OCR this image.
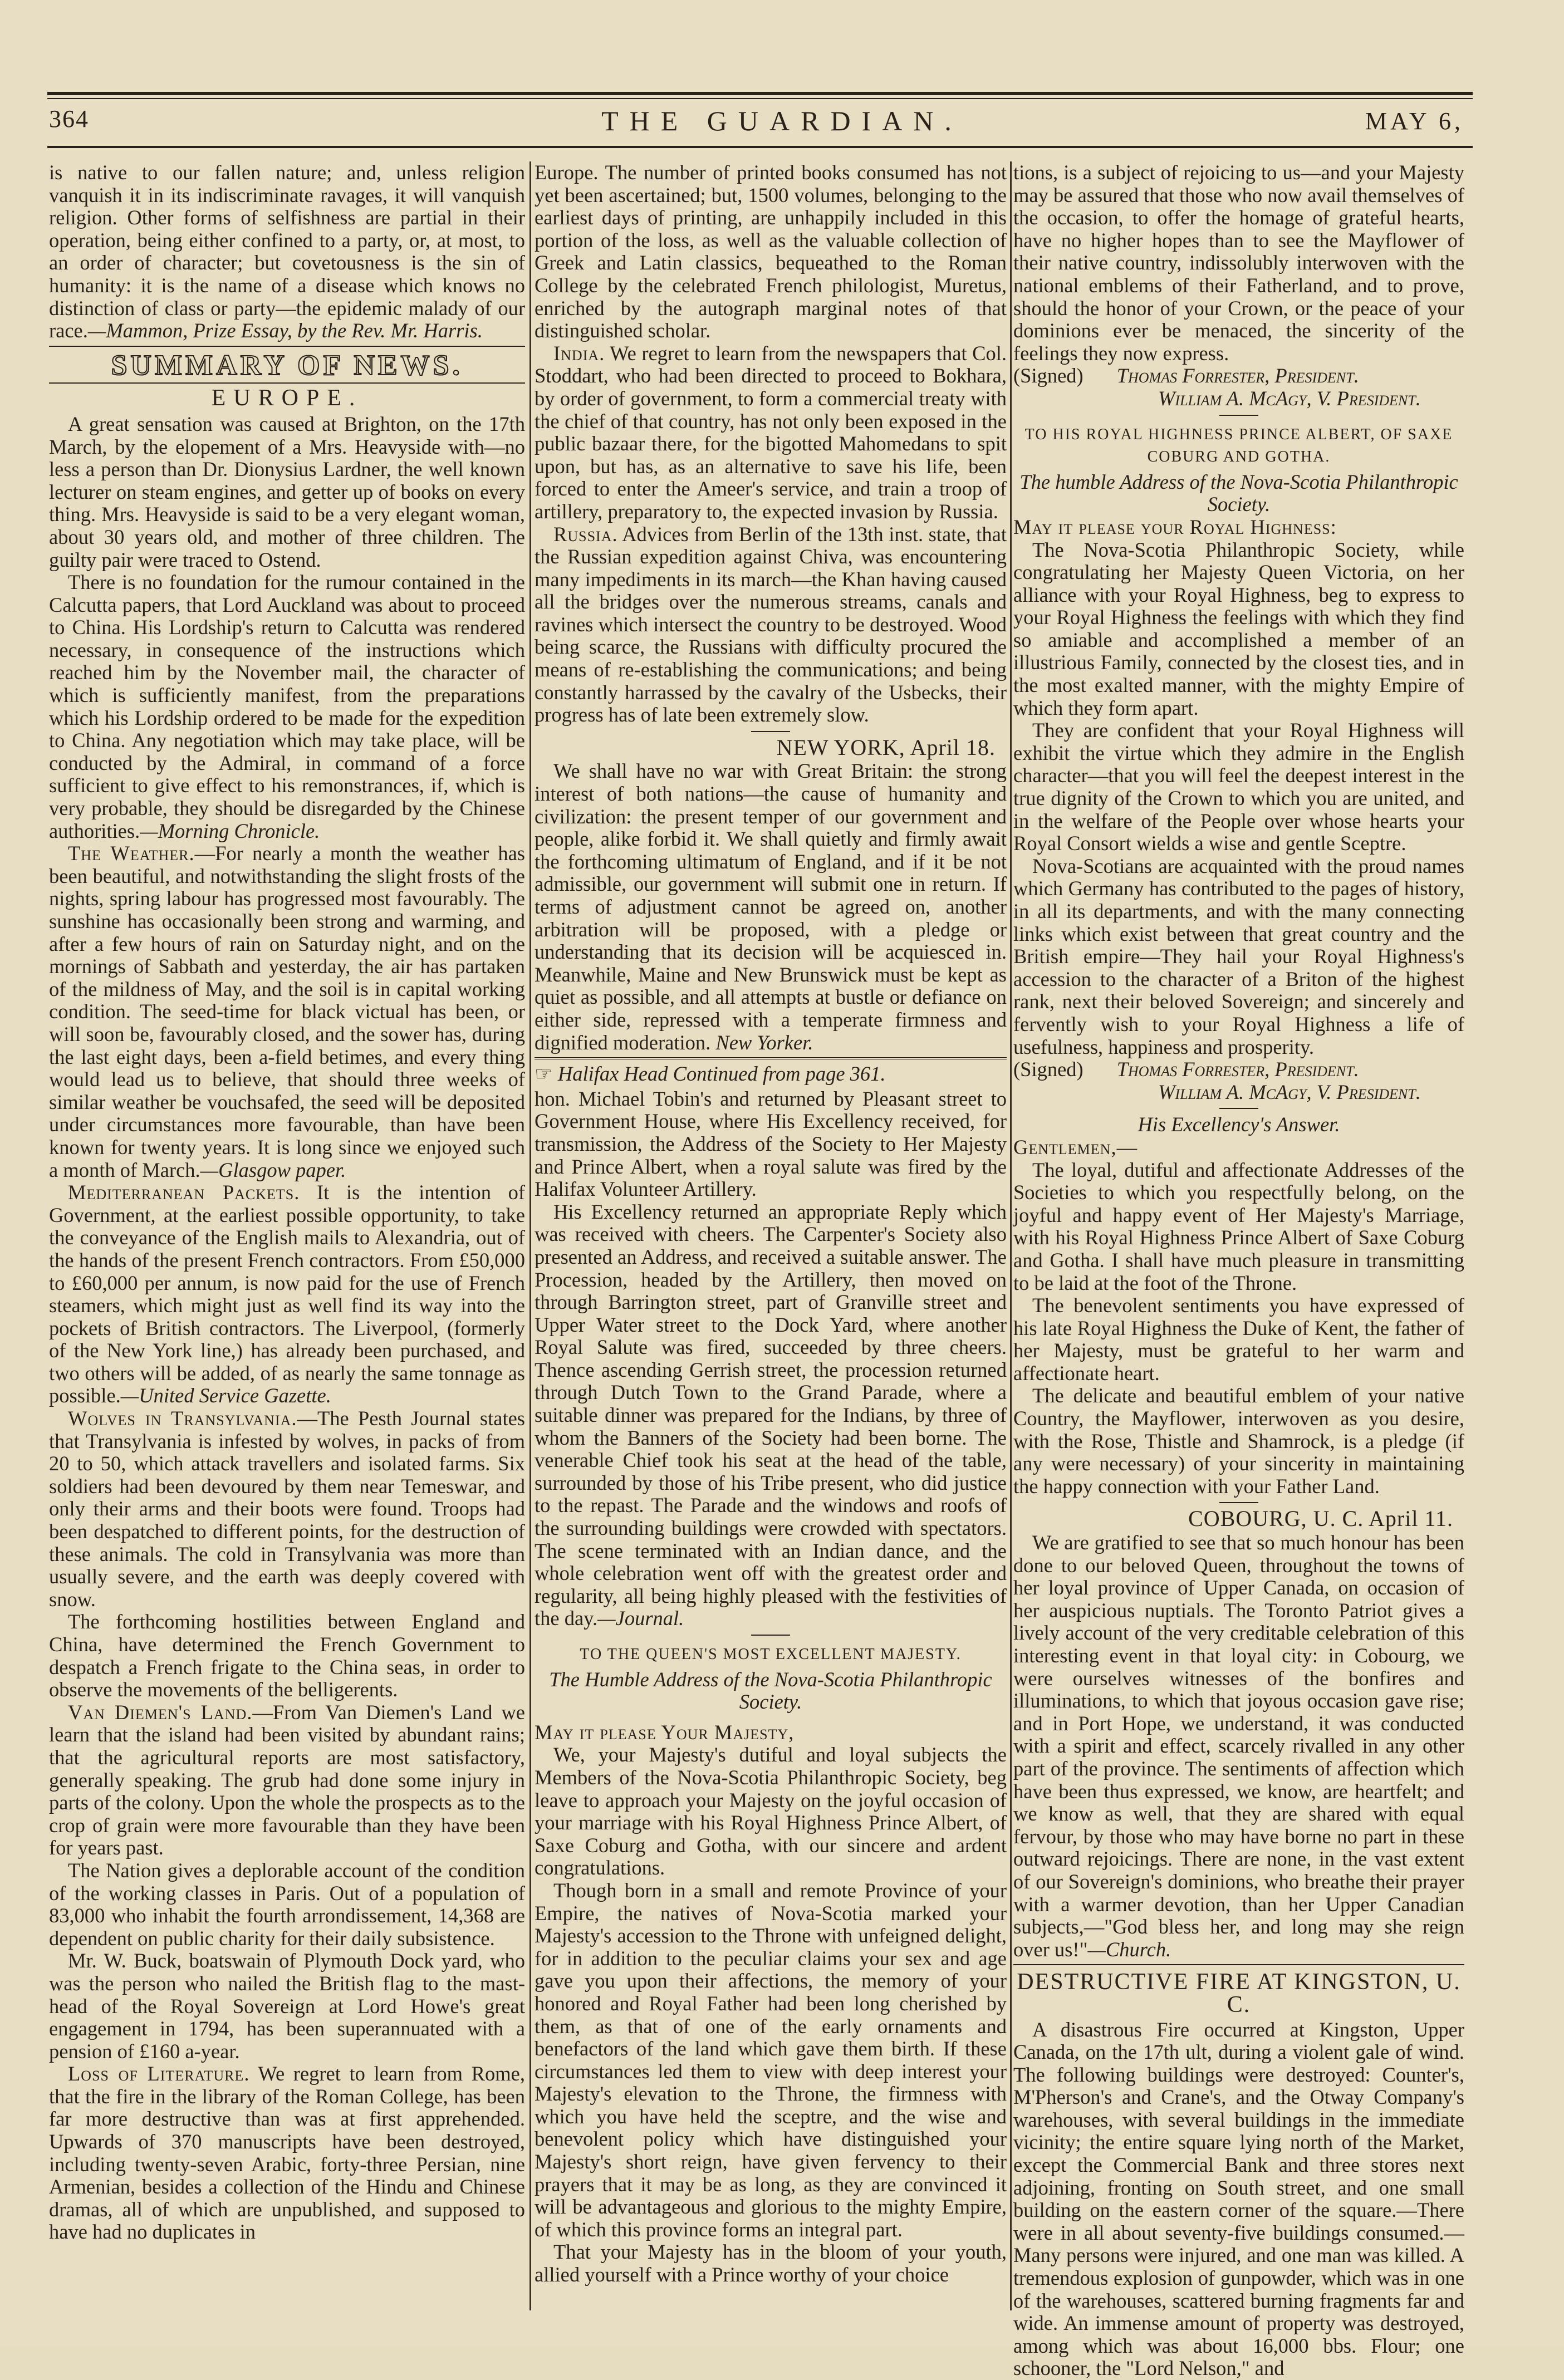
364	THE GUARDIAN.	MAY 6,

is native to our fallen nature; and, unless religion vanquish it in its indiscriminate ravages, it will vanquish religion. Other forms of selfishness are partial in their operation, being either confined to a party, or, at most, to an order of character; but covetousness is the sin of humanity: it is the name of a disease which knows no distinction of class or party—the epidemic malady of our race.—Mammon, Prize Essay, by the Rev. Mr. Harris.

SUMMARY OF NEWS.
EUROPE.

A great sensation was caused at Brighton, on the 17th March, by the elopement of a Mrs. Heavyside with—no less a person than Dr. Dionysius Lardner, the well known lecturer on steam engines, and getter up of books on every thing. Mrs. Heavyside is said to be a very elegant woman, about 30 years old, and mother of three children. The guilty pair were traced to Ostend.

There is no foundation for the rumour contained in the Calcutta papers, that Lord Auckland was about to proceed to China. His Lordship's return to Calcutta was rendered necessary, in consequence of the instructions which reached him by the November mail, the character of which is sufficiently manifest, from the preparations which his Lordship ordered to be made for the expedition to China. Any negotiation which may take place, will be conducted by the Admiral, in command of a force sufficient to give effect to his remonstrances, if, which is very probable, they should be disregarded by the Chinese authorities.—Morning Chronicle.

The Weather.—For nearly a month the weather has been beautiful, and notwithstanding the slight frosts of the nights, spring labour has progressed most favourably. The sunshine has occasionally been strong and warming, and after a few hours of rain on Saturday night, and on the mornings of Sabbath and yesterday, the air has partaken of the mildness of May, and the soil is in capital working condition. The seed-time for black victual has been, or will soon be, favourably closed, and the sower has, during the last eight days, been a-field betimes, and every thing would lead us to believe, that should three weeks of similar weather be vouchsafed, the seed will be deposited under circumstances more favourable, than have been known for twenty years. It is long since we enjoyed such a month of March.—Glasgow paper.

Mediterranean Packets. It is the intention of Government, at the earliest possible opportunity, to take the conveyance of the English mails to Alexandria, out of the hands of the present French contractors. From £50,000 to £60,000 per annum, is now paid for the use of French steamers, which might just as well find its way into the pockets of British contractors. The Liverpool, (formerly of the New York line,) has already been purchased, and two others will be added, of as nearly the same tonnage as possible.—United Service Gazette.

Wolves in Transylvania.—The Pesth Journal states that Transylvania is infested by wolves, in packs of from 20 to 50, which attack travellers and isolated farms. Six soldiers had been devoured by them near Temeswar, and only their arms and their boots were found. Troops had been despatched to different points, for the destruction of these animals. The cold in Transylvania was more than usually severe, and the earth was deeply covered with snow.

The forthcoming hostilities between England and China, have determined the French Government to despatch a French frigate to the China seas, in order to observe the movements of the belligerents.

Van Diemen's Land.—From Van Diemen's Land we learn that the island had been visited by abundant rains; that the agricultural reports are most satisfactory, generally speaking. The grub had done some injury in parts of the colony. Upon the whole the prospects as to the crop of grain were more favourable than they have been for years past.

The Nation gives a deplorable account of the condition of the working classes in Paris. Out of a population of 83,000 who inhabit the fourth arrondissement, 14,368 are dependent on public charity for their daily subsistence.

Mr. W. Buck, boatswain of Plymouth Dock yard, who was the person who nailed the British flag to the mast-head of the Royal Sovereign at Lord Howe's great engagement in 1794, has been superannuated with a pension of £160 a-year.

Loss of Literature. We regret to learn from Rome, that the fire in the library of the Roman College, has been far more destructive than was at first apprehended. Upwards of 370 manuscripts have been destroyed, including twenty-seven Arabic, forty-three Persian, nine Armenian, besides a collection of the Hindu and Chinese dramas, all of which are unpublished, and supposed to have had no duplicates in

Europe. The number of printed books consumed has not yet been ascertained; but, 1500 volumes, belonging to the earliest days of printing, are unhappily included in this portion of the loss, as well as the valuable collection of Greek and Latin classics, bequeathed to the Roman College by the celebrated French philologist, Muretus, enriched by the autograph marginal notes of that distinguished scholar.

India. We regret to learn from the newspapers that Col. Stoddart, who had been directed to proceed to Bokhara, by order of government, to form a commercial treaty with the chief of that country, has not only been exposed in the public bazaar there, for the bigotted Mahomedans to spit upon, but has, as an alternative to save his life, been forced to enter the Ameer's service, and train a troop of artillery, preparatory to, the expected invasion by Russia.

Russia. Advices from Berlin of the 13th inst. state, that the Russian expedition against Chiva, was encountering many impediments in its march—the Khan having caused all the bridges over the numerous streams, canals and ravines which intersect the country to be destroyed. Wood being scarce, the Russians with difficulty procured the means of re-establishing the communications; and being constantly harrassed by the cavalry of the Usbecks, their progress has of late been extremely slow.

NEW YORK, April 18.

We shall have no war with Great Britain: the strong interest of both nations—the cause of humanity and civilization: the present temper of our government and people, alike forbid it. We shall quietly and firmly await the forthcoming ultimatum of England, and if it be not admissible, our government will submit one in return. If terms of adjustment cannot be agreed on, another arbitration will be proposed, with a pledge or understanding that its decision will be acquiesced in. Meanwhile, Maine and New Brunswick must be kept as quiet as possible, and all attempts at bustle or defiance on either side, repressed with a temperate firmness and dignified moderation. New Yorker.

☞ Halifax Head Continued from page 361.

hon. Michael Tobin's and returned by Pleasant street to Government House, where His Excellency received, for transmission, the Address of the Society to Her Majesty and Prince Albert, when a royal salute was fired by the Halifax Volunteer Artillery.

His Excellency returned an appropriate Reply which was received with cheers. The Carpenter's Society also presented an Address, and received a suitable answer. The Procession, headed by the Artillery, then moved on through Barrington street, part of Granville street and Upper Water street to the Dock Yard, where another Royal Salute was fired, succeeded by three cheers. Thence ascending Gerrish street, the procession returned through Dutch Town to the Grand Parade, where a suitable dinner was prepared for the Indians, by three of whom the Banners of the Society had been borne. The venerable Chief took his seat at the head of the table, surrounded by those of his Tribe present, who did justice to the repast. The Parade and the windows and roofs of the surrounding buildings were crowded with spectators. The scene terminated with an Indian dance, and the whole celebration went off with the greatest order and regularity, all being highly pleased with the festivities of the day.—Journal.

TO THE QUEEN'S MOST EXCELLENT MAJESTY.

The Humble Address of the Nova-Scotia Philanthropic Society.

May it please Your Majesty,

We, your Majesty's dutiful and loyal subjects the Members of the Nova-Scotia Philanthropic Society, beg leave to approach your Majesty on the joyful occasion of your marriage with his Royal Highness Prince Albert, of Saxe Coburg and Gotha, with our sincere and ardent congratulations.

Though born in a small and remote Province of your Empire, the natives of Nova-Scotia marked your Majesty's accession to the Throne with unfeigned delight, for in addition to the peculiar claims your sex and age gave you upon their affections, the memory of your honored and Royal Father had been long cherished by them, as that of one of the early ornaments and benefactors of the land which gave them birth. If these circumstances led them to view with deep interest your Majesty's elevation to the Throne, the firmness with which you have held the sceptre, and the wise and benevolent policy which have distinguished your Majesty's short reign, have given fervency to their prayers that it may be as long, as they are convinced it will be advantageous and glorious to the mighty Empire, of which this province forms an integral part.

That your Majesty has in the bloom of your youth, allied yourself with a Prince worthy of your choice

tions, is a subject of rejoicing to us—and your Majesty may be assured that those who now avail themselves of the occasion, to offer the homage of grateful hearts, have no higher hopes than to see the Mayflower of their native country, indissolubly interwoven with the national emblems of their Fatherland, and to prove, should the honor of your Crown, or the peace of your dominions ever be menaced, the sincerity of the feelings they now express.

(Signed) Thomas Forrester, President.

William A. McAgy, V. President.

TO HIS ROYAL HIGHNESS PRINCE ALBERT, OF SAXE COBURG AND GOTHA.

The humble Address of the Nova-Scotia Philanthropic Society.

May it please your Royal Highness:

The Nova-Scotia Philanthropic Society, while congratulating her Majesty Queen Victoria, on her alliance with your Royal Highness, beg to express to your Royal Highness the feelings with which they find so amiable and accomplished a member of an illustrious Family, connected by the closest ties, and in the most exalted manner, with the mighty Empire of which they form apart.

They are confident that your Royal Highness will exhibit the virtue which they admire in the English character—that you will feel the deepest interest in the true dignity of the Crown to which you are united, and in the welfare of the People over whose hearts your Royal Consort wields a wise and gentle Sceptre.

Nova-Scotians are acquainted with the proud names which Germany has contributed to the pages of history, in all its departments, and with the many connecting links which exist between that great country and the British empire—They hail your Royal Highness's accession to the character of a Briton of the highest rank, next their beloved Sovereign; and sincerely and fervently wish to your Royal Highness a life of usefulness, happiness and prosperity.

(Signed) Thomas Forrester, President.

William A. McAgy, V. President.

His Excellency's Answer.

Gentlemen,—

The loyal, dutiful and affectionate Addresses of the Societies to which you respectfully belong, on the joyful and happy event of Her Majesty's Marriage, with his Royal Highness Prince Albert of Saxe Coburg and Gotha. I shall have much pleasure in transmitting to be laid at the foot of the Throne.

The benevolent sentiments you have expressed of his late Royal Highness the Duke of Kent, the father of her Majesty, must be grateful to her warm and affectionate heart.

The delicate and beautiful emblem of your native Country, the Mayflower, interwoven as you desire, with the Rose, Thistle and Shamrock, is a pledge (if any were necessary) of your sincerity in maintaining the happy connection with your Father Land.

COBOURG, U. C. April 11.

We are gratified to see that so much honour has been done to our beloved Queen, throughout the towns of her loyal province of Upper Canada, on occasion of her auspicious nuptials. The Toronto Patriot gives a lively account of the very creditable celebration of this interesting event in that loyal city: in Cobourg, we were ourselves witnesses of the bonfires and illuminations, to which that joyous occasion gave rise; and in Port Hope, we understand, it was conducted with a spirit and effect, scarcely rivalled in any other part of the province. The sentiments of affection which have been thus expressed, we know, are heartfelt; and we know as well, that they are shared with equal fervour, by those who may have borne no part in these outward rejoicings. There are none, in the vast extent of our Sovereign's dominions, who breathe their prayer with a warmer devotion, than her Upper Canadian subjects,—"God bless her, and long may she reign over us!"—Church.

DESTRUCTIVE FIRE AT KINGSTON, U. C.

A disastrous Fire occurred at Kingston, Upper Canada, on the 17th ult, during a violent gale of wind. The following buildings were destroyed: Counter's, M'Pherson's and Crane's, and the Otway Company's warehouses, with several buildings in the immediate vicinity; the entire square lying north of the Market, except the Commercial Bank and three stores next adjoining, fronting on South street, and one small building on the eastern corner of the square.—There were in all about seventy-five buildings consumed.—Many persons were injured, and one man was killed. A tremendous explosion of gunpowder, which was in one of the warehouses, scattered burning fragments far and wide. An immense amount of property was destroyed, among which was about 16,000 bbs. Flour; one schooner, the "Lord Nelson," and
